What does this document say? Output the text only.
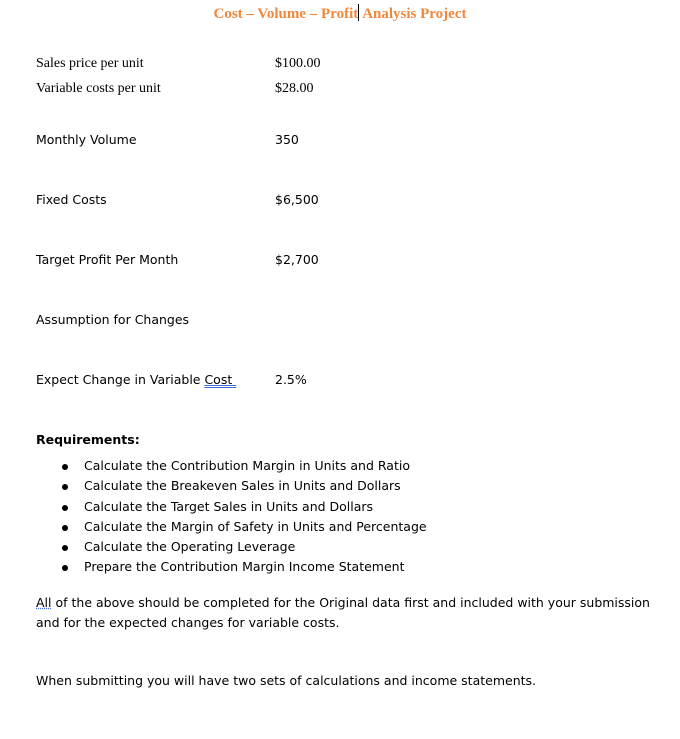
Cost – Volume – Profit Analysis Project
Sales price per unit	$100.00
Variable costs per unit	$28.00
Monthly Volume	350
Fixed Costs	$6,500
Target Profit Per Month	$2,700
Assumption for Changes
Expect Change in Variable Cost	2.5%
Requirements:
Calculate the Contribution Margin in Units and Ratio
Calculate the Breakeven Sales in Units and Dollars
Calculate the Target Sales in Units and Dollars
Calculate the Margin of Safety in Units and Percentage
Calculate the Operating Leverage
Prepare the Contribution Margin Income Statement
All of the above should be completed for the Original data first and included with your submission and for the expected changes for variable costs.
When submitting you will have two sets of calculations and income statements.
